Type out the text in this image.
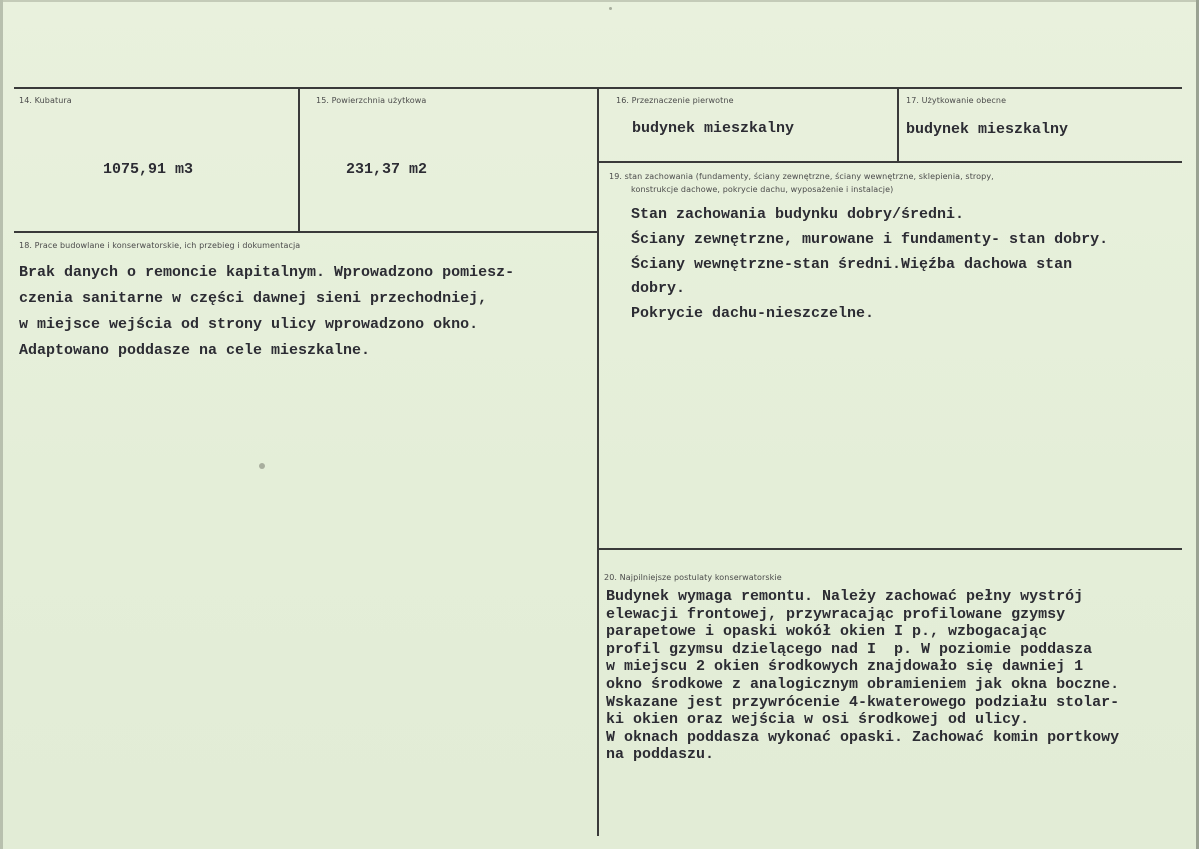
14. Kubatura
1075,91 m3
15. Powierzchnia użytkowa
231,37 m2
16. Przeznaczenie pierwotne
budynek mieszkalny
17. Użytkowanie obecne
budynek mieszkalny
18. Prace budowlane i konserwatorskie, ich przebieg i dokumentacja
Brak danych o remoncie kapitalnym. Wprowadzono pomiesz-
czenia sanitarne w części dawnej sieni przechodniej,
w miejsce wejścia od strony ulicy wprowadzono okno.
Adaptowano poddasze na cele mieszkalne.
19. stan zachowania (fundamenty, ściany zewnętrzne, ściany wewnętrzne, sklepienia, stropy,
konstrukcje dachowe, pokrycie dachu, wyposażenie i instalacje)
Stan zachowania budynku dobry/średni.
Ściany zewnętrzne, murowane i fundamenty- stan dobry.
Ściany wewnętrzne-stan średni.Więźba dachowa stan
dobry.
Pokrycie dachu-nieszczelne.
20. Najpilniejsze postulaty konserwatorskie
Budynek wymaga remontu. Należy zachować pełny wystrój
elewacji frontowej, przywracając profilowane gzymsy
parapetowe i opaski wokół okien I p., wzbogacając
profil gzymsu dzielącego nad I  p. W poziomie poddasza
w miejscu 2 okien środkowych znajdowało się dawniej 1
okno środkowe z analogicznym obramieniem jak okna boczne.
Wskazane jest przywrócenie 4-kwaterowego podziału stolar-
ki okien oraz wejścia w osi środkowej od ulicy.
W oknach poddasza wykonać opaski. Zachować komin portkowy
na poddaszu.
